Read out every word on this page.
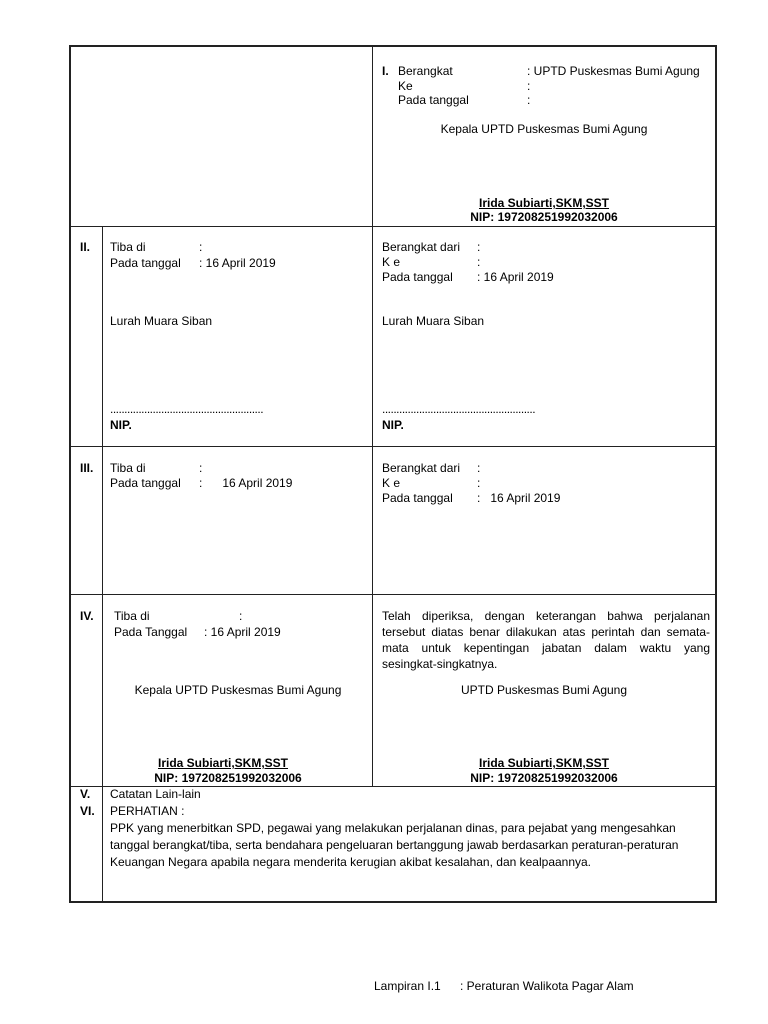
I. Berangkat	: UPTD Puskesmas Bumi Agung
Ke	:
Pada tanggal	:
Kepala UPTD Puskesmas Bumi Agung
Irida Subiarti,SKM,SST
NIP: 197208251992032006
II. Tiba di	:
Pada tanggal : 16 April 2019
Lurah Muara Siban
......................................................
NIP.
Berangkat dari :
K e	:
Pada tanggal : 16 April 2019
Lurah Muara Siban
......................................................
NIP.
III. Tiba di	:
Pada tanggal :      16 April 2019
Berangkat dari :
K e	:
Pada tanggal :   16 April 2019
IV. Tiba di	:
Pada Tanggal : 16 April 2019
Kepala UPTD Puskesmas Bumi Agung
Irida Subiarti,SKM,SST
NIP: 197208251992032006
Telah diperiksa, dengan keterangan bahwa perjalanan tersebut diatas benar dilakukan atas perintah dan semata-mata untuk kepentingan jabatan dalam waktu yang sesingkat-singkatnya.
UPTD Puskesmas Bumi Agung
Irida Subiarti,SKM,SST
NIP: 197208251992032006
V. Catatan Lain-lain
VI. PERHATIAN :
PPK yang menerbitkan SPD, pegawai yang melakukan perjalanan dinas, para pejabat yang mengesahkan tanggal berangkat/tiba, serta bendahara pengeluaran bertanggung jawab berdasarkan peraturan-peraturan Keuangan Negara apabila negara menderita kerugian akibat kesalahan, dan kealpaannya.
Lampiran I.1 : Peraturan Walikota Pagar Alam
